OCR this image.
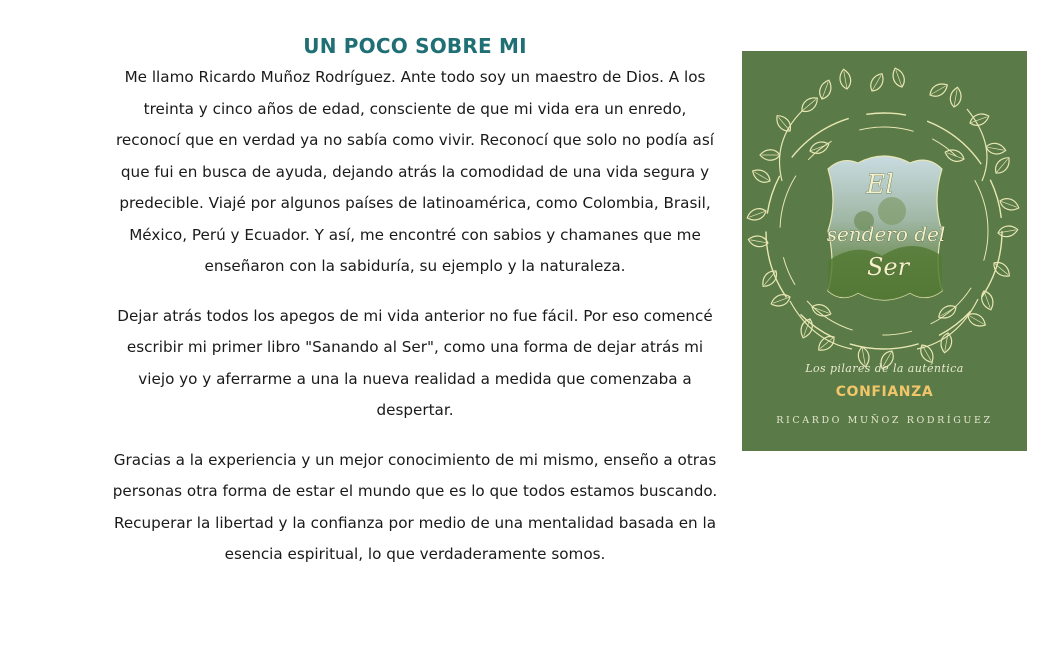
UN POCO SOBRE MI

Me llamo Ricardo Muñoz Rodríguez. Ante todo soy un maestro de Dios. A los treinta y cinco años de edad, consciente de que mi vida era un enredo, reconocí que en verdad ya no sabía como vivir. Reconocí que solo no podía así que fui en busca de ayuda, dejando atrás la comodidad de una vida segura y predecible. Viajé por algunos países de latinoamérica, como Colombia, Brasil, México, Perú y Ecuador. Y así, me encontré con sabios y chamanes que me enseñaron con la sabiduría, su ejemplo y la naturaleza.

Dejar atrás todos los apegos de mi vida anterior no fue fácil. Por eso comencé escribir mi primer libro "Sanando al Ser", como una forma de dejar atrás mi viejo yo y aferrarme a una la nueva realidad a medida que comenzaba a despertar.

Gracias a la experiencia y un mejor conocimiento de mi mismo, enseño a otras personas otra forma de estar el mundo que es lo que todos estamos buscando. Recuperar la libertad y la confianza por medio de una mentalidad basada en la esencia espiritual, lo que verdaderamente somos.

El
sendero del
Ser
Los pilares de la auténtica
CONFIANZA
RICARDO MUÑOZ RODRÍGUEZ
